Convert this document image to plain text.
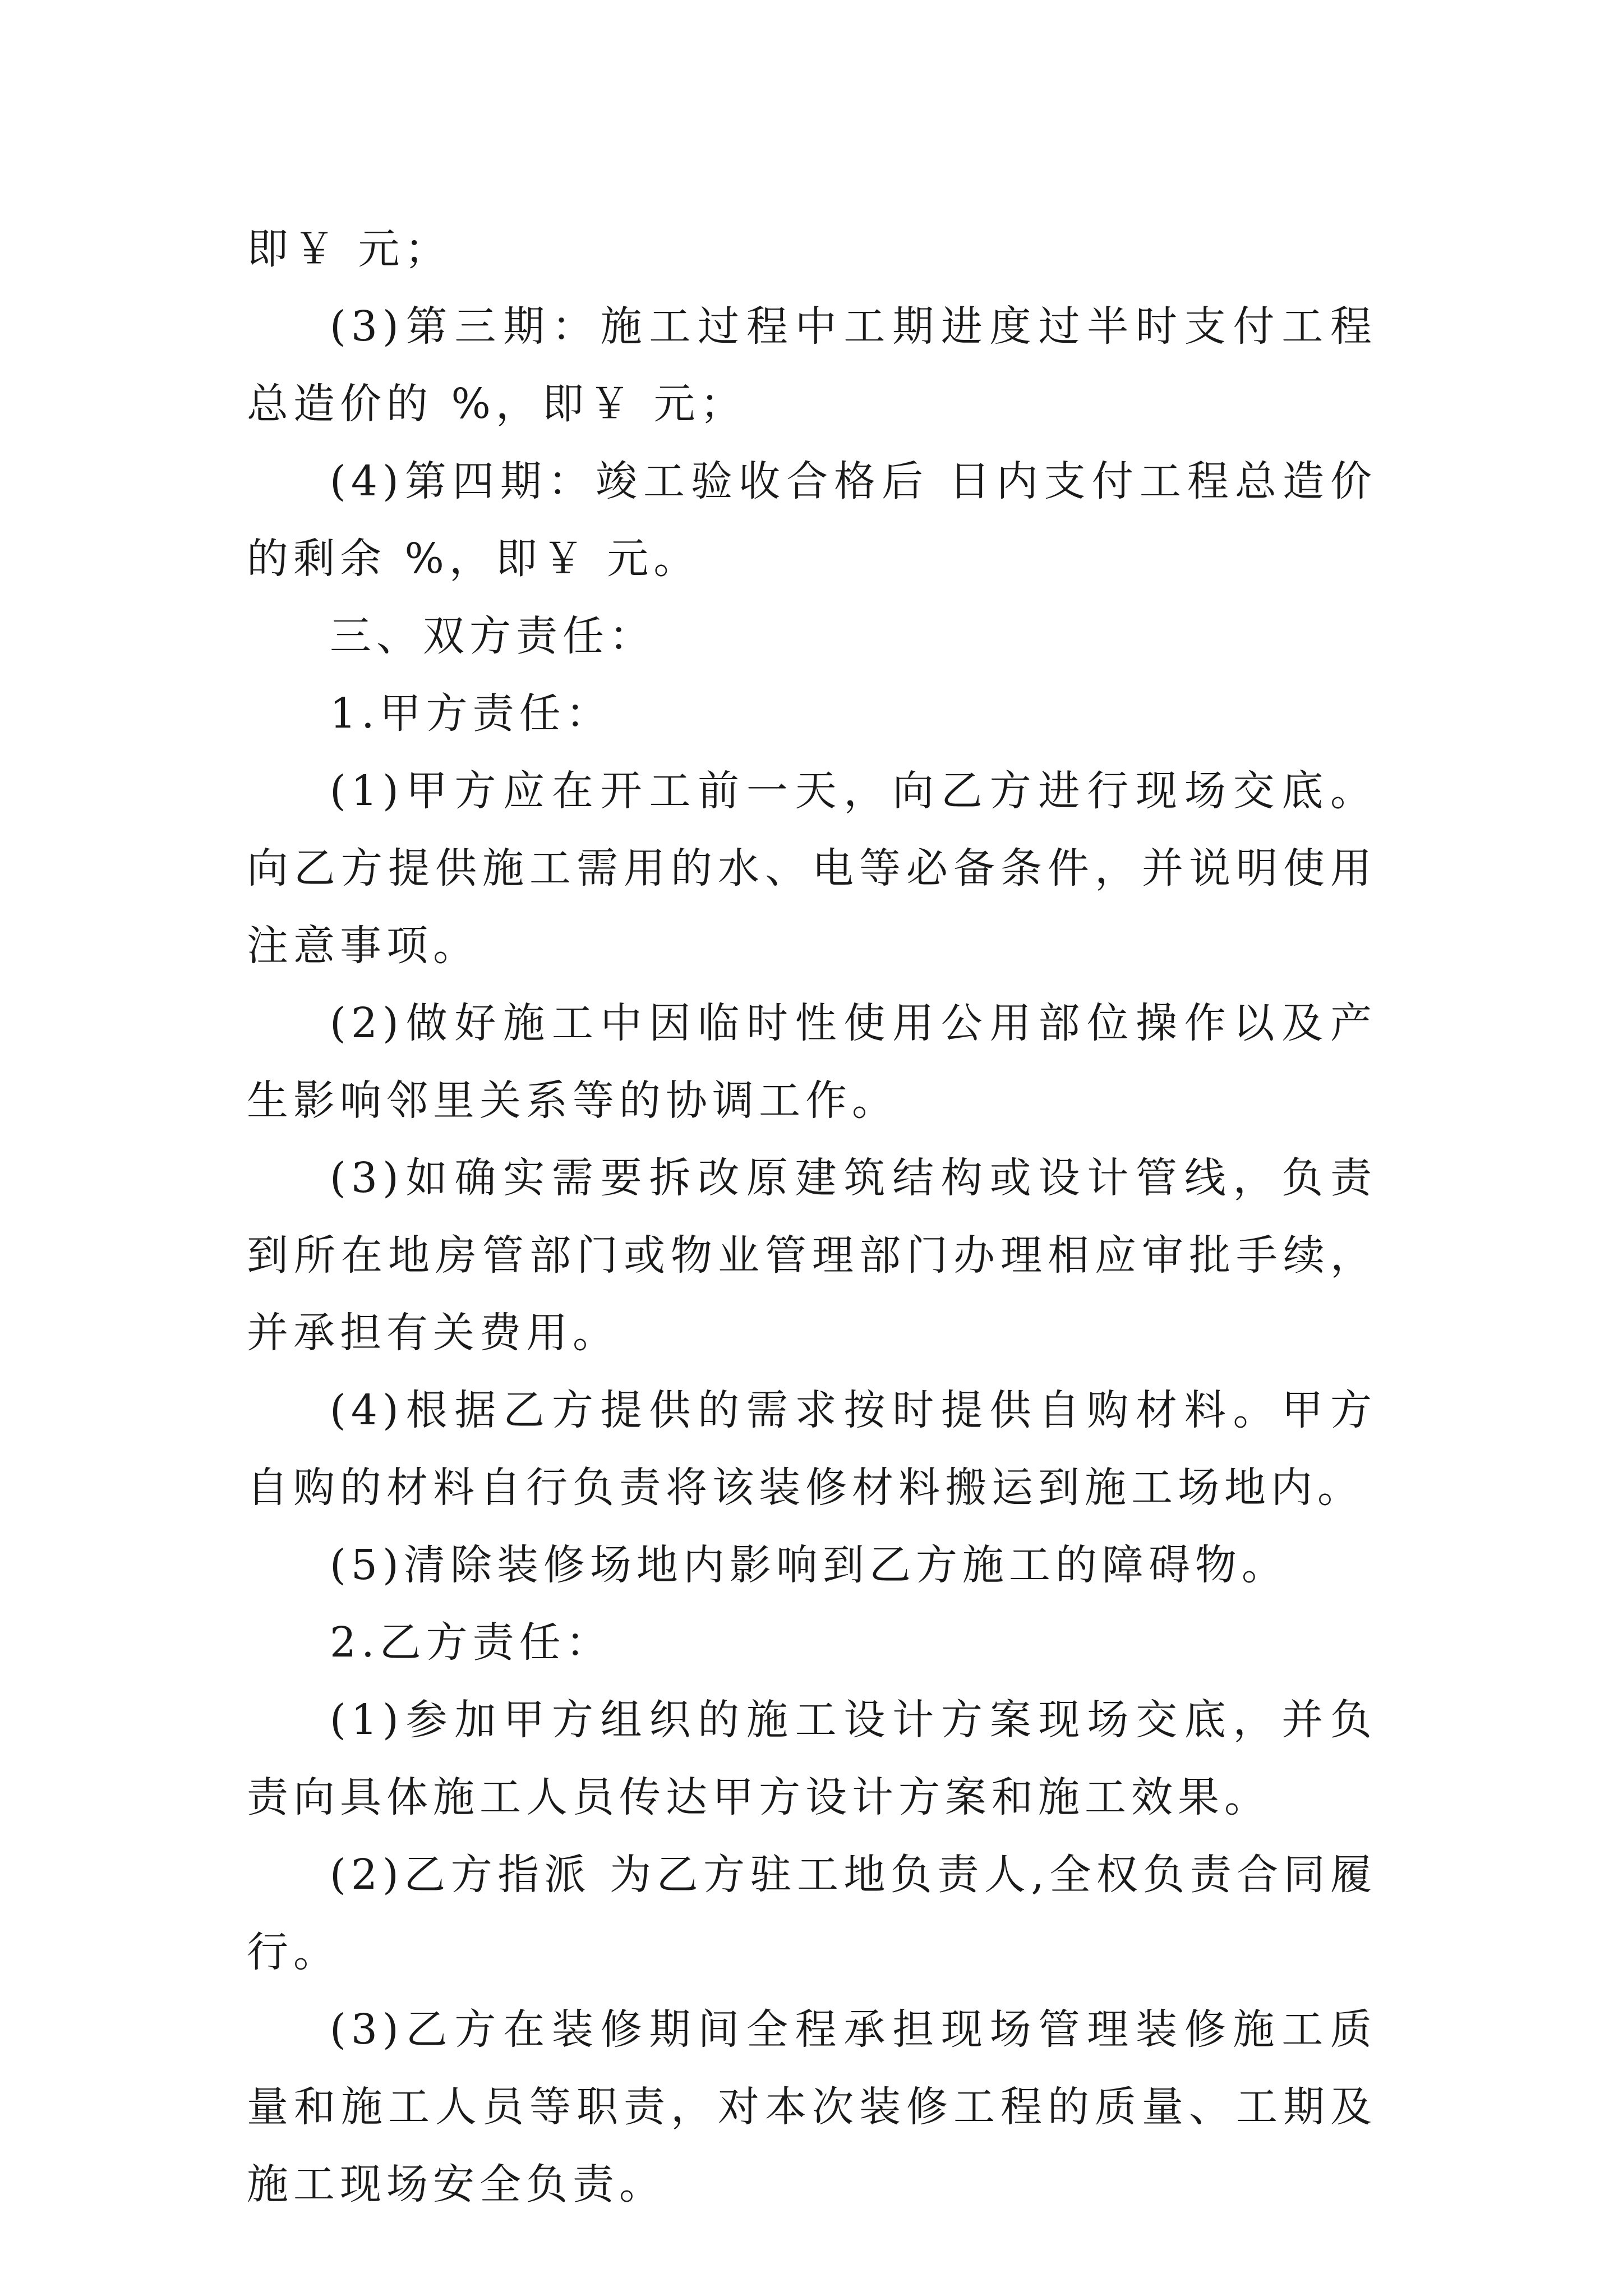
即￥ 元；

(3)第三期：施工过程中工期进度过半时支付工程总造价的 %，即￥ 元；

(4)第四期：竣工验收合格后 日内支付工程总造价的剩余 %，即￥ 元。

三、双方责任：

1.甲方责任：

(1)甲方应在开工前一天，向乙方进行现场交底。向乙方提供施工需用的水、电等必备条件，并说明使用注意事项。

(2)做好施工中因临时性使用公用部位操作以及产生影响邻里关系等的协调工作。

(3)如确实需要拆改原建筑结构或设计管线，负责到所在地房管部门或物业管理部门办理相应审批手续，并承担有关费用。

(4)根据乙方提供的需求按时提供自购材料。甲方自购的材料自行负责将该装修材料搬运到施工场地内。

(5)清除装修场地内影响到乙方施工的障碍物。

2.乙方责任：

(1)参加甲方组织的施工设计方案现场交底，并负责向具体施工人员传达甲方设计方案和施工效果。

(2)乙方指派 为乙方驻工地负责人,全权负责合同履行。

(3)乙方在装修期间全程承担现场管理装修施工质量和施工人员等职责，对本次装修工程的质量、工期及施工现场安全负责。
